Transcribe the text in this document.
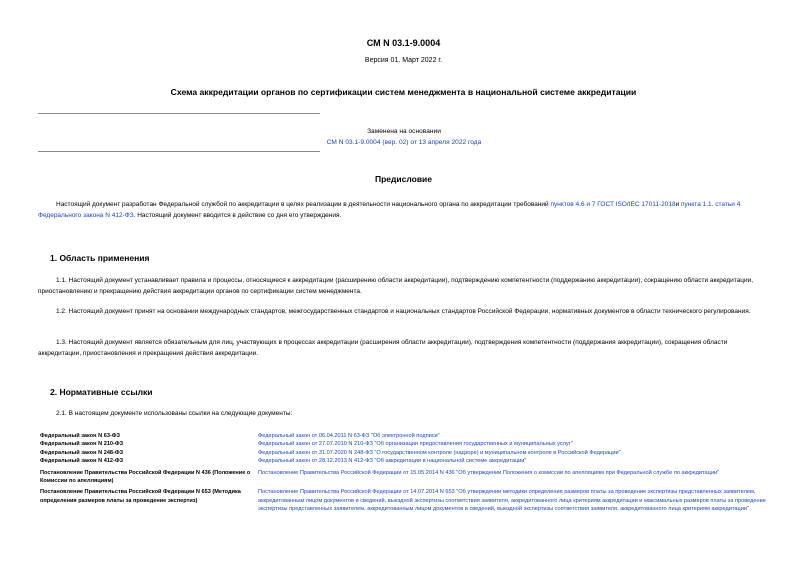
СМ N 03.1-9.0004
Версия 01. Март 2022 г.
Схема аккредитации органов по сертификации систем менеджмента в национальной системе аккредитации
Заменена на основании
СМ N 03.1-9.0004 (вер. 02) от 13 апреля 2022 года
Предисловие
Настоящий документ разработан Федеральной службой по аккредитации в целях реализации в деятельности национального органа по аккредитации требований пунктов 4.6 и 7 ГОСТ ISO/IEC 17011-2018и пункта 1.1. статьи 4 Федерального закона N 412-ФЗ. Настоящий документ вводится в действие со дня его утверждения.
1. Область применения
1.1. Настоящий документ устанавливает правила и процессы, относящиеся к аккредитации (расширению области аккредитации), подтверждению компетентности (поддержанию аккредитации), сокращению области аккредитации, приостановлению и прекращению действия аккредитации органов по сертификации систем менеджмента.
1.2. Настоящий документ принят на основании международных стандартов, межгосударственных стандартов и национальных стандартов Российской Федерации, нормативных документов в области технического регулирования.
1.3. Настоящий документ является обязательным для лиц, участвующих в процессах аккредитации (расширения области аккредитации), подтверждения компетентности (поддержания аккредитации), сокращения области аккредитации, приостановления и прекращения действия аккредитации.
2. Нормативные ссылки
2.1. В настоящем документе использованы ссылки на следующие документы:
Федеральный закон N 63-ФЗ	Федеральный закон от 06.04.2011 N 63-ФЗ "Об электронной подписи"
Федеральный закон N 210-ФЗ	Федеральный закон от 27.07.2010 N 210-ФЗ "Об организации предоставления государственных и муниципальных услуг"
Федеральный закон N 248-ФЗ	Федеральный закон от 31.07.2020 N 248-ФЗ "О государственном контроле (надзоре) и муниципальном контроле в Российской Федерации"
Федеральный закон N 412-ФЗ	Федеральный закон от 28.12.2013 N 412-ФЗ "Об аккредитации в национальной системе аккредитации"
Постановление Правительства Российской Федерации N 436 (Положение о Комиссии по апелляциям)	Постановление Правительства Российской Федерации от 15.05.2014 N 436 "Об утверждении Положения о комиссии по апелляциям при Федеральной службе по аккредитации"
Постановление Правительства Российской Федерации N 653 (Методика определения размеров платы за проведение экспертиз)	Постановление Правительства Российской Федерации от 14.07.2014 N 653 "Об утверждении методики определения размеров платы за проведение экспертизы представленных заявителем, аккредитованным лицом документов и сведений, выездной экспертизы соответствия заявителя, аккредитованного лица критериям аккредитации и максимальных размеров платы за проведение экспертизы представленных заявителем, аккредитованным лицом документов и сведений, выездной экспертизы соответствия заявителя, аккредитованного лица критериям аккредитации"
